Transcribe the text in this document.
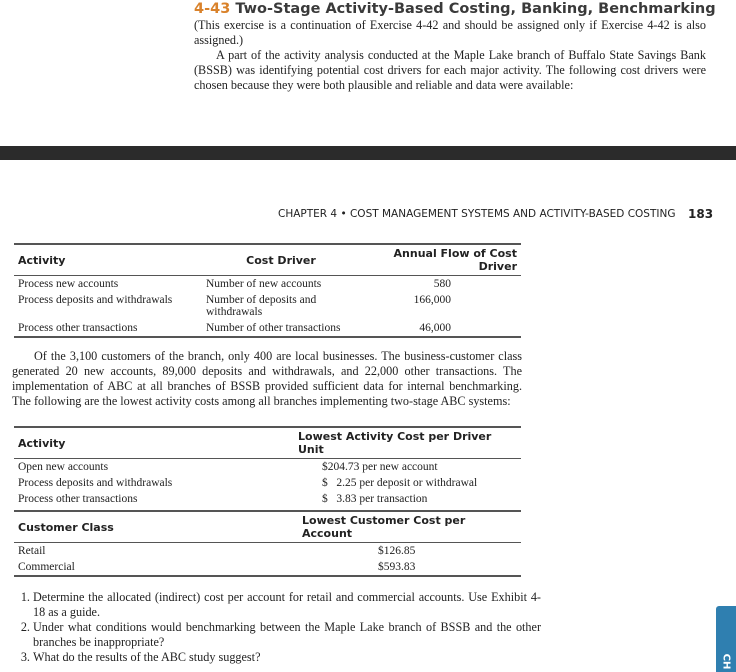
4-43 Two-Stage Activity-Based Costing, Banking, Benchmarking
(This exercise is a continuation of Exercise 4-42 and should be assigned only if Exercise 4-42 is also assigned.)
A part of the activity analysis conducted at the Maple Lake branch of Buffalo State Savings Bank (BSSB) was identifying potential cost drivers for each major activity. The following cost drivers were chosen because they were both plausible and reliable and data were available:
CHAPTER 4 • COST MANAGEMENT SYSTEMS AND ACTIVITY-BASED COSTING 183
Activity	Cost Driver	Annual Flow of Cost Driver
Process new accounts	Number of new accounts	580
Process deposits and withdrawals	Number of deposits and withdrawals	166,000
Process other transactions	Number of other transactions	46,000
Of the 3,100 customers of the branch, only 400 are local businesses. The business-customer class generated 20 new accounts, 89,000 deposits and withdrawals, and 22,000 other transactions. The implementation of ABC at all branches of BSSB provided sufficient data for internal benchmarking. The following are the lowest activity costs among all branches implementing two-stage ABC systems:
Activity	Lowest Activity Cost per Driver Unit
Open new accounts	$204.73 per new account
Process deposits and withdrawals	$   2.25 per deposit or withdrawal
Process other transactions	$   3.83 per transaction
Customer Class	Lowest Customer Cost per Account
Retail	$126.85
Commercial	$593.83
1. Determine the allocated (indirect) cost per account for retail and commercial accounts. Use Exhibit 4-18 as a guide.
2. Under what conditions would benchmarking between the Maple Lake branch of BSSB and the other branches be inappropriate?
3. What do the results of the ABC study suggest?	CH
